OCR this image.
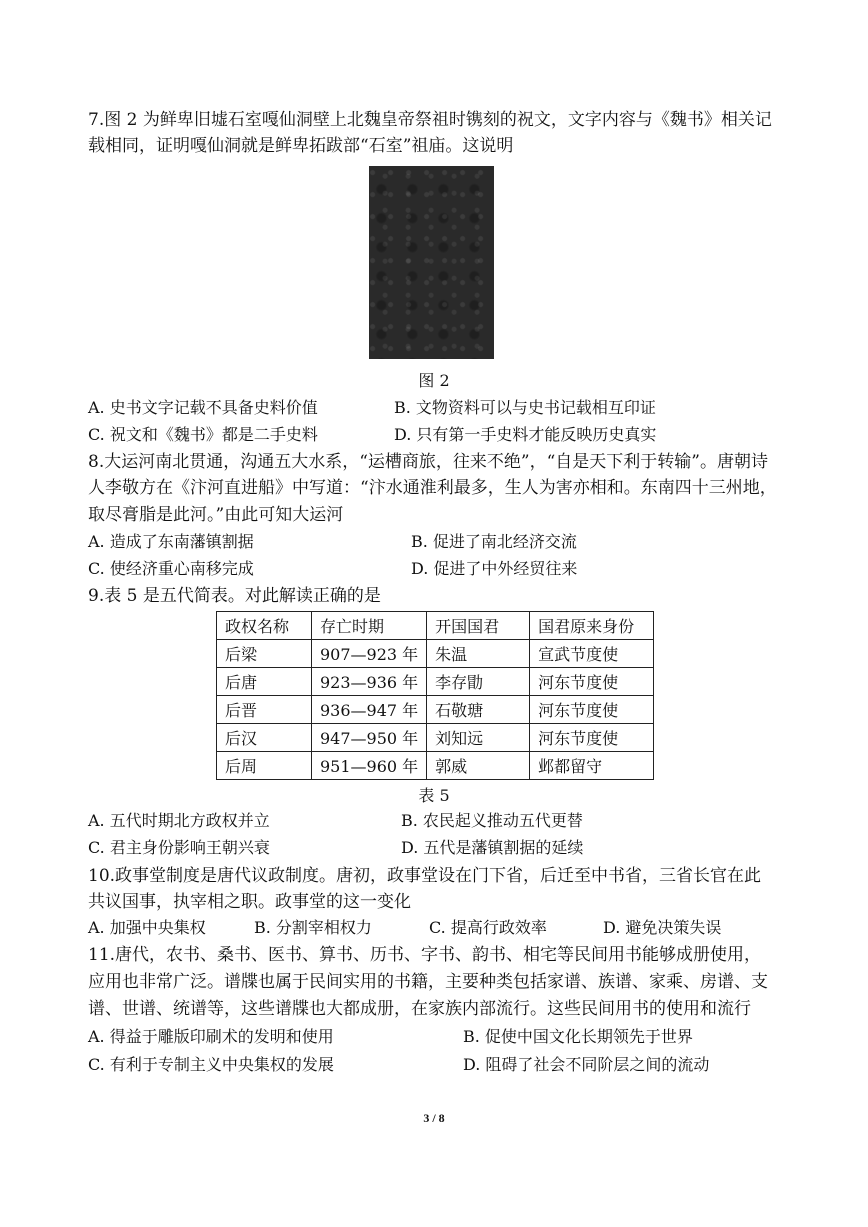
7.图 2 为鲜卑旧墟石室嘎仙洞壁上北魏皇帝祭祖时镌刻的祝文，文字内容与《魏书》相关记
载相同，证明嘎仙洞就是鲜卑拓跋部“石室”祖庙。这说明
图 2
A. 史书文字记载不具备史料价值	B. 文物资料可以与史书记载相互印证
C. 祝文和《魏书》都是二手史料	D. 只有第一手史料才能反映历史真实
8.大运河南北贯通，沟通五大水系，“运槽商旅，往来不绝”，“自是天下利于转输”。唐朝诗
人李敬方在《汴河直进船》中写道：“汴水通淮利最多，生人为害亦相和。东南四十三州地，
取尽膏脂是此河。”由此可知大运河
A. 造成了东南藩镇割据	B. 促进了南北经济交流
C. 使经济重心南移完成	D. 促进了中外经贸往来
9.表 5 是五代简表。对此解读正确的是
政权名称	存亡时期	开国国君	国君原来身份
后梁	907—923 年	朱温	宣武节度使
后唐	923—936 年	李存勖	河东节度使
后晋	936—947 年	石敬瑭	河东节度使
后汉	947—950 年	刘知远	河东节度使
后周	951—960 年	郭威	邺都留守
表 5
A. 五代时期北方政权并立	B. 农民起义推动五代更替
C. 君主身份影响王朝兴衰	D. 五代是藩镇割据的延续
10.政事堂制度是唐代议政制度。唐初，政事堂设在门下省，后迁至中书省，三省长官在此
共议国事，执宰相之职。政事堂的这一变化
A. 加强中央集权	B. 分割宰相权力	C. 提高行政效率	D. 避免决策失误
11.唐代，农书、桑书、医书、算书、历书、字书、韵书、相宅等民间用书能够成册使用，
应用也非常广泛。谱牒也属于民间实用的书籍，主要种类包括家谱、族谱、家乘、房谱、支
谱、世谱、统谱等，这些谱牒也大都成册，在家族内部流行。这些民间用书的使用和流行
A. 得益于雕版印刷术的发明和使用	B. 促使中国文化长期领先于世界
C. 有利于专制主义中央集权的发展	D. 阻碍了社会不同阶层之间的流动
3 / 8
